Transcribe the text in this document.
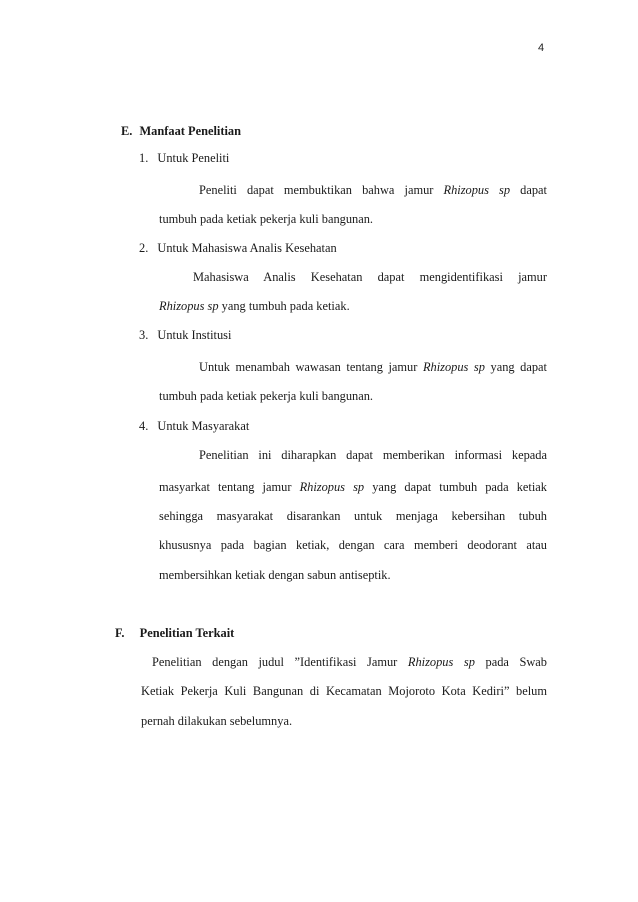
4
E. Manfaat Penelitian
1. Untuk Peneliti
Peneliti dapat membuktikan bahwa jamur Rhizopus sp dapat
tumbuh pada ketiak pekerja kuli bangunan.
2. Untuk Mahasiswa Analis Kesehatan
Mahasiswa Analis Kesehatan dapat mengidentifikasi jamur
Rhizopus sp yang tumbuh pada ketiak.
3. Untuk Institusi
Untuk menambah wawasan tentang jamur Rhizopus sp yang dapat
tumbuh pada ketiak pekerja kuli bangunan.
4. Untuk Masyarakat
Penelitian ini diharapkan dapat memberikan informasi kepada
masyarkat tentang jamur Rhizopus sp yang dapat tumbuh pada ketiak
sehingga masyarakat disarankan untuk menjaga kebersihan tubuh
khususnya pada bagian ketiak, dengan cara memberi deodorant atau
membersihkan ketiak dengan sabun antiseptik.
F. Penelitian Terkait
Penelitian dengan judul ”Identifikasi Jamur Rhizopus sp pada Swab
Ketiak Pekerja Kuli Bangunan di Kecamatan Mojoroto Kota Kediri” belum
pernah dilakukan sebelumnya.
